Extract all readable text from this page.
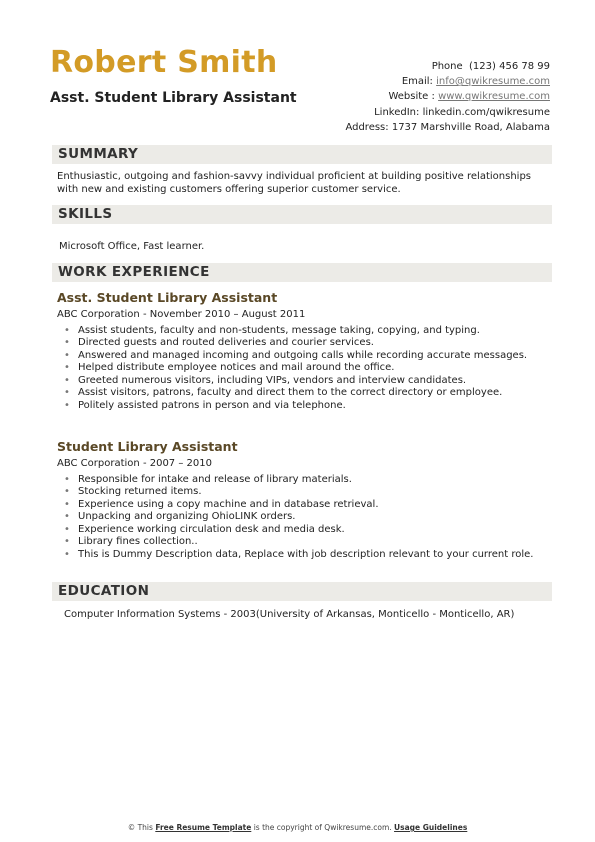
Robert Smith
Asst. Student Library Assistant
Phone (123) 456 78 99
Email: info@qwikresume.com
Website : www.qwikresume.com
LinkedIn: linkedin.com/qwikresume
Address: 1737 Marshville Road, Alabama
SUMMARY
Enthusiastic, outgoing and fashion-savvy individual proficient at building positive relationships with new and existing customers offering superior customer service.
SKILLS
Microsoft Office, Fast learner.
WORK EXPERIENCE
Asst. Student Library Assistant
ABC Corporation - November 2010 – August 2011
• Assist students, faculty and non-students, message taking, copying, and typing.
• Directed guests and routed deliveries and courier services.
• Answered and managed incoming and outgoing calls while recording accurate messages.
• Helped distribute employee notices and mail around the office.
• Greeted numerous visitors, including VIPs, vendors and interview candidates.
• Assist visitors, patrons, faculty and direct them to the correct directory or employee.
• Politely assisted patrons in person and via telephone.
Student Library Assistant
ABC Corporation - 2007 – 2010
• Responsible for intake and release of library materials.
• Stocking returned items.
• Experience using a copy machine and in database retrieval.
• Unpacking and organizing OhioLINK orders.
• Experience working circulation desk and media desk.
• Library fines collection..
• This is Dummy Description data, Replace with job description relevant to your current role.
EDUCATION
Computer Information Systems - 2003(University of Arkansas, Monticello - Monticello, AR)
© This Free Resume Template is the copyright of Qwikresume.com. Usage Guidelines
